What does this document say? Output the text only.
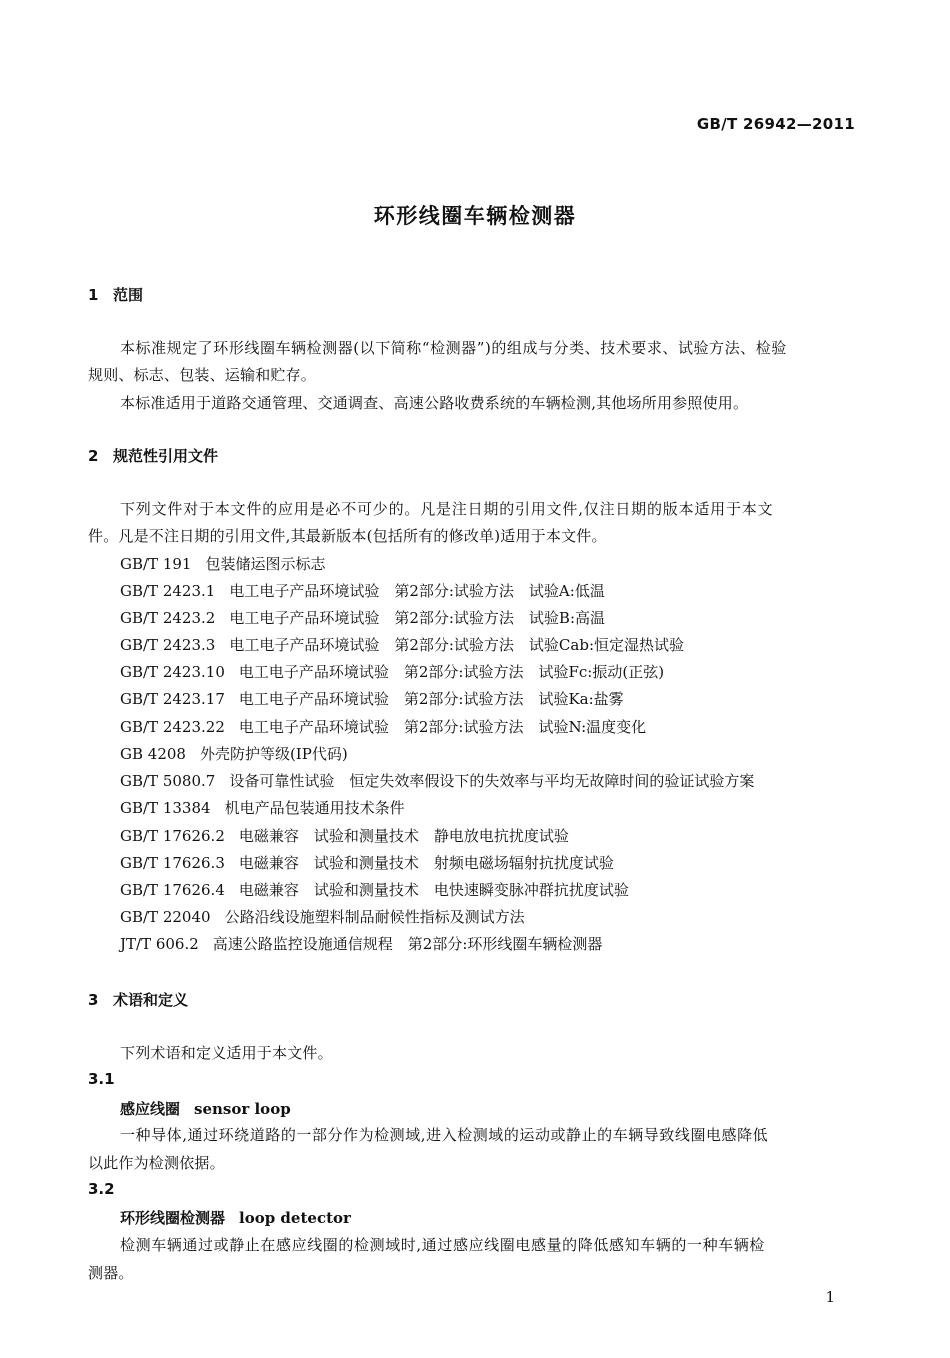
GB/T 26942—2011
环形线圈车辆检测器
1 范围
本标准规定了环形线圈车辆检测器(以下简称“检测器”)的组成与分类、技术要求、试验方法、检验
规则、标志、包装、运输和贮存。
本标准适用于道路交通管理、交通调查、高速公路收费系统的车辆检测,其他场所用参照使用。
2 规范性引用文件
下列文件对于本文件的应用是必不可少的。凡是注日期的引用文件,仅注日期的版本适用于本文
件。凡是不注日期的引用文件,其最新版本(包括所有的修改单)适用于本文件。
GB/T 191 包装储运图示标志
GB/T 2423.1 电工电子产品环境试验　第2部分:试验方法　试验A:低温
GB/T 2423.2 电工电子产品环境试验　第2部分:试验方法　试验B:高温
GB/T 2423.3 电工电子产品环境试验　第2部分:试验方法　试验Cab:恒定湿热试验
GB/T 2423.10 电工电子产品环境试验　第2部分:试验方法　试验Fc:振动(正弦)
GB/T 2423.17 电工电子产品环境试验　第2部分:试验方法　试验Ka:盐雾
GB/T 2423.22 电工电子产品环境试验　第2部分:试验方法　试验N:温度变化
GB 4208 外壳防护等级(IP代码)
GB/T 5080.7 设备可靠性试验　恒定失效率假设下的失效率与平均无故障时间的验证试验方案
GB/T 13384 机电产品包装通用技术条件
GB/T 17626.2 电磁兼容　试验和测量技术　静电放电抗扰度试验
GB/T 17626.3 电磁兼容　试验和测量技术　射频电磁场辐射抗扰度试验
GB/T 17626.4 电磁兼容　试验和测量技术　电快速瞬变脉冲群抗扰度试验
GB/T 22040 公路沿线设施塑料制品耐候性指标及测试方法
JT/T 606.2 高速公路监控设施通信规程　第2部分:环形线圈车辆检测器
3 术语和定义
下列术语和定义适用于本文件。
3.1
感应线圈 sensor loop
一种导体,通过环绕道路的一部分作为检测域,进入检测域的运动或静止的车辆导致线圈电感降低
以此作为检测依据。
3.2
环形线圈检测器 loop detector
检测车辆通过或静止在感应线圈的检测域时,通过感应线圈电感量的降低感知车辆的一种车辆检
测器。
1
